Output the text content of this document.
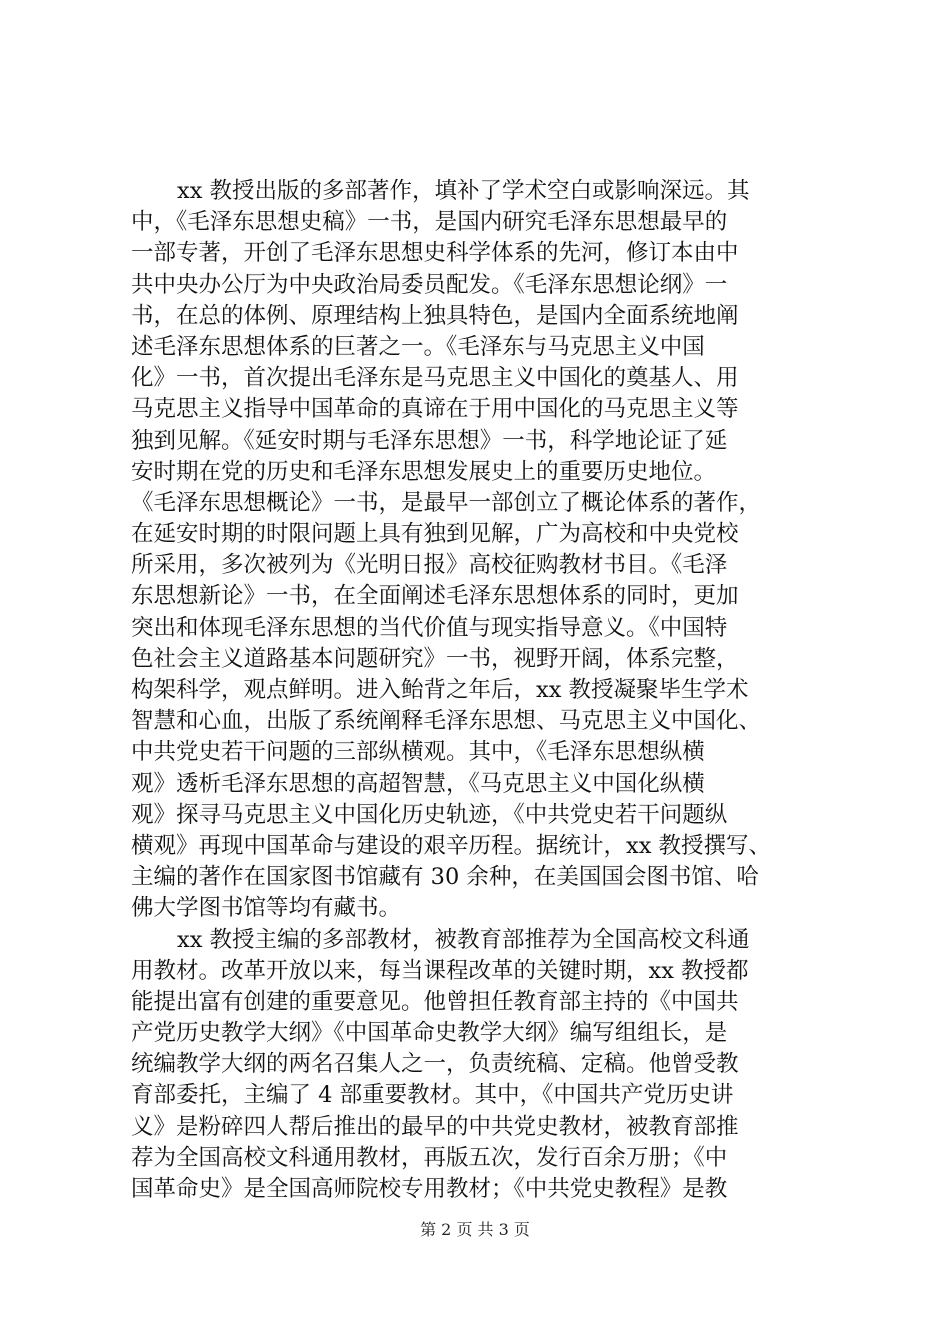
xx 教授出版的多部著作，填补了学术空白或影响深远。其
中，《毛泽东思想史稿》一书，是国内研究毛泽东思想最早的
一部专著，开创了毛泽东思想史科学体系的先河，修订本由中
共中央办公厅为中央政治局委员配发。《毛泽东思想论纲》一
书，在总的体例、原理结构上独具特色，是国内全面系统地阐
述毛泽东思想体系的巨著之一。《毛泽东与马克思主义中国
化》一书，首次提出毛泽东是马克思主义中国化的奠基人、用
马克思主义指导中国革命的真谛在于用中国化的马克思主义等
独到见解。《延安时期与毛泽东思想》一书，科学地论证了延
安时期在党的历史和毛泽东思想发展史上的重要历史地位。
《毛泽东思想概论》一书，是最早一部创立了概论体系的著作，
在延安时期的时限问题上具有独到见解，广为高校和中央党校
所采用，多次被列为《光明日报》高校征购教材书目。《毛泽
东思想新论》一书，在全面阐述毛泽东思想体系的同时，更加
突出和体现毛泽东思想的当代价值与现实指导意义。《中国特
色社会主义道路基本问题研究》一书，视野开阔，体系完整，
构架科学，观点鲜明。进入鲐背之年后，xx 教授凝聚毕生学术
智慧和心血，出版了系统阐释毛泽东思想、马克思主义中国化、
中共党史若干问题的三部纵横观。其中，《毛泽东思想纵横
观》透析毛泽东思想的高超智慧，《马克思主义中国化纵横
观》探寻马克思主义中国化历史轨迹，《中共党史若干问题纵
横观》再现中国革命与建设的艰辛历程。据统计，xx 教授撰写、
主编的著作在国家图书馆藏有 30 余种，在美国国会图书馆、哈
佛大学图书馆等均有藏书。
xx 教授主编的多部教材，被教育部推荐为全国高校文科通
用教材。改革开放以来，每当课程改革的关键时期，xx 教授都
能提出富有创建的重要意见。他曾担任教育部主持的《中国共
产党历史教学大纲》《中国革命史教学大纲》编写组组长，是
统编教学大纲的两名召集人之一，负责统稿、定稿。他曾受教
育部委托，主编了 4 部重要教材。其中，《中国共产党历史讲
义》是粉碎四人帮后推出的最早的中共党史教材，被教育部推
荐为全国高校文科通用教材，再版五次，发行百余万册；《中
国革命史》是全国高师院校专用教材；《中共党史教程》是教
第 2 页 共 3 页
